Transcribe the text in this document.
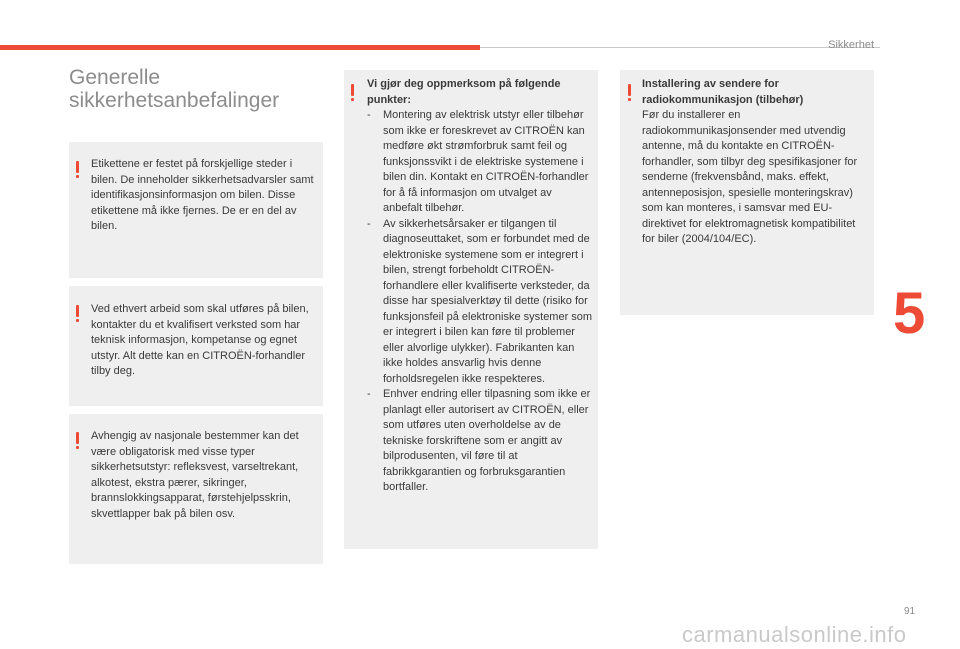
Sikkerhet
5
Generelle
sikkerhetsanbefalinger

Etikettene er festet på forskjellige steder i bilen. De inneholder sikkerhetsadvarsler samt identifikasjonsinformasjon om bilen. Disse etikettene må ikke fjernes. De er en del av bilen.

Ved ethvert arbeid som skal utføres på bilen, kontakter du et kvalifisert verksted som har teknisk informasjon, kompetanse og egnet utstyr. Alt dette kan en CITROËN-forhandler tilby deg.

Avhengig av nasjonale bestemmer kan det være obligatorisk med visse typer sikkerhetsutstyr: refleksvest, varseltrekant, alkotest, ekstra pærer, sikringer, brannslokkingsapparat, førstehjelpsskrin, skvettlapper bak på bilen osv.

Vi gjør deg oppmerksom på følgende punkter:

- Montering av elektrisk utstyr eller tilbehør som ikke er foreskrevet av CITROËN kan medføre økt strømforbruk samt feil og funksjonssvikt i de elektriske systemene i bilen din. Kontakt en CITROËN-forhandler for å få informasjon om utvalget av anbefalt tilbehør.
- Av sikkerhetsårsaker er tilgangen til diagnoseuttaket, som er forbundet med de elektroniske systemene som er integrert i bilen, strengt forbeholdt CITROËN-forhandlere eller kvalifiserte verksteder, da disse har spesialverktøy til dette (risiko for funksjonsfeil på elektroniske systemer som er integrert i bilen kan føre til problemer eller alvorlige ulykker). Fabrikanten kan ikke holdes ansvarlig hvis denne forholdsregelen ikke respekteres.
- Enhver endring eller tilpasning som ikke er planlagt eller autorisert av CITROËN, eller som utføres uten overholdelse av de tekniske forskriftene som er angitt av bilprodusenten, vil føre til at fabrikkgarantien og forbruksgarantien bortfaller.

Installering av sendere for radiokommunikasjon (tilbehør)

Før du installerer en radiokommunikasjonsender med utvendig antenne, må du kontakte en CITROËN-forhandler, som tilbyr deg spesifikasjoner for senderne (frekvensbånd, maks. effekt, antenneposisjon, spesielle monteringskrav) som kan monteres, i samsvar med EU-direktivet for elektromagnetisk kompatibilitet for biler (2004/104/EC).

91
carmanualsonline.info
